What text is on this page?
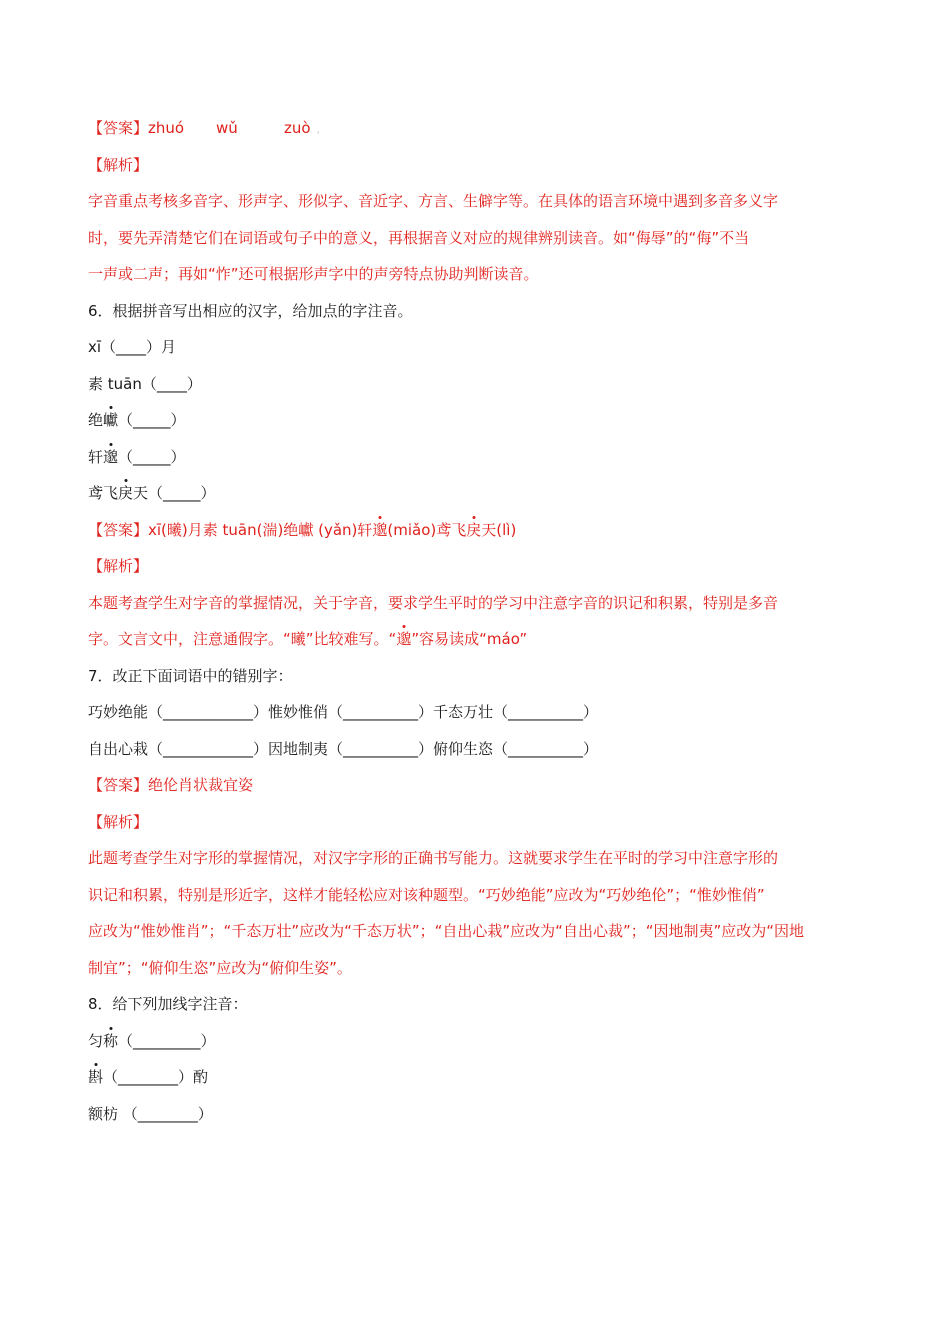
【答案】zhuó wǔ	zuò ,
【解析】
字音重点考核多音字、形声字、形似字、音近字、方言、生僻字等。在具体的语言环境中遇到多音多义字
时，要先弄清楚它们在词语或句子中的意义，再根据音义对应的规律辨别读音。如“侮辱”的“侮”不当
一声或二声；再如“怍”还可根据形声字中的声旁特点协助判断读音。
6．根据拼音写出相应的汉字，给加点的字注音。
xī（____）月
素 tuān（____）
绝巘（_____）
轩邈（_____）
鸢飞戾天（_____）
【答案】xī(曦)月素 tuān(湍)绝巘 (yǎn)轩邈(miǎo)鸢飞戾天(lì)
【解析】
本题考查学生对字音的掌握情况，关于字音，要求学生平时的学习中注意字音的识记和积累，特别是多音
字。文言文中，注意通假字。“曦”比较难写。“邈”容易读成“máo”
7．改正下面词语中的错别字：
巧妙绝能（____________）惟妙惟俏（__________）千态万壮（__________）
自出心栽（____________）因地制夷（__________）俯仰生恣（__________）
【答案】绝伦肖状裁宜姿
【解析】
此题考查学生对字形的掌握情况，对汉字字形的正确书写能力。这就要求学生在平时的学习中注意字形的
识记和积累，特别是形近字，这样才能轻松应对该种题型。“巧妙绝能”应改为“巧妙绝伦”；“惟妙惟俏”
应改为“惟妙惟肖”；“千态万壮”应改为“千态万状”；“自出心栽”应改为“自出心裁”；“因地制夷”应改为“因地
制宜”；“俯仰生恣”应改为“俯仰生姿”。
8．给下列加线字注音：
匀称（_________）
斟（________）酌
额枋 （________）
